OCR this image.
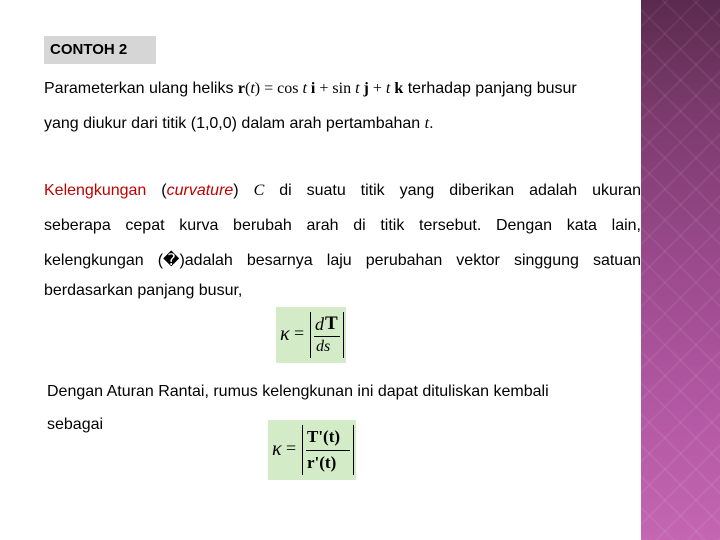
CONTOH 2
Parameterkan ulang heliks r(t) = cos t i + sin t j + t k terhadap panjang busur
yang diukur dari titik (1,0,0) dalam arah pertambahan t.
Kelengkungan (curvature) C di suatu titik yang diberikan adalah ukuran
seberapa cepat kurva berubah arah di titik tersebut. Dengan kata lain,
kelengkungan (�)adalah besarnya laju perubahan vektor singgung satuan
berdasarkan panjang busur,
κ = d T
ds
Dengan Aturan Rantai, rumus kelengkunan ini dapat dituliskan kembali
sebagai
κ =
T'(t)
r'(t)
